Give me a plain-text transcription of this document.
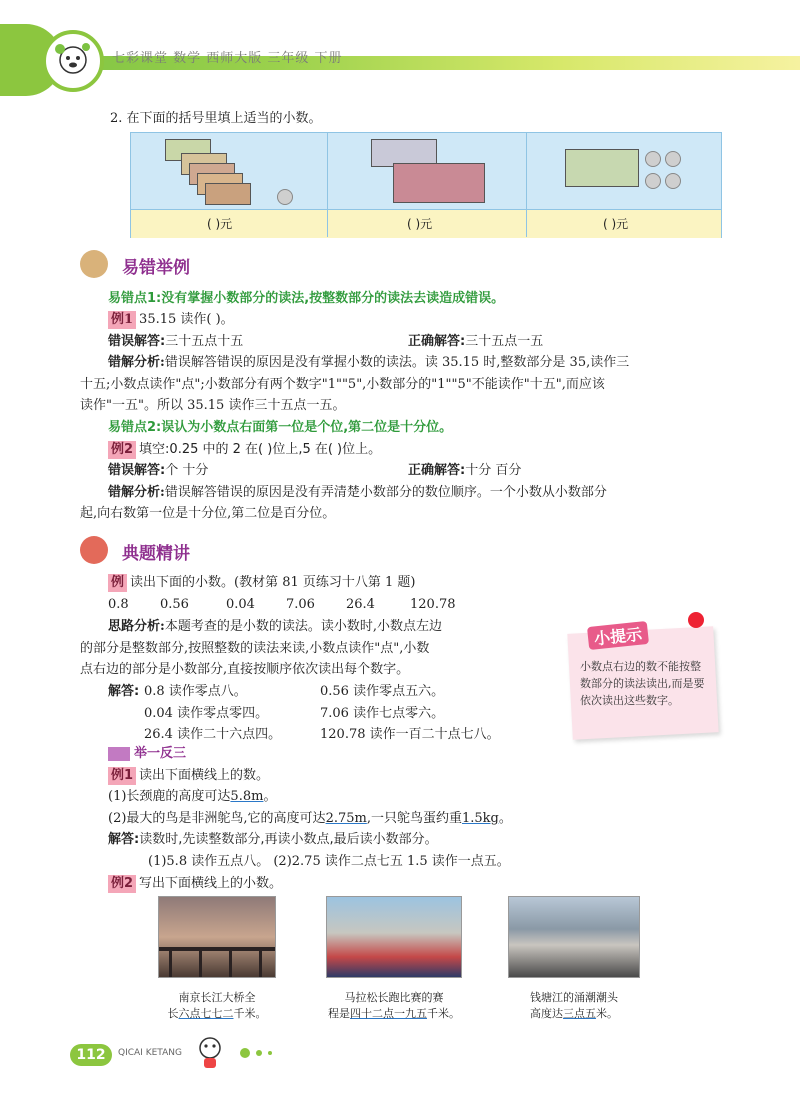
七彩课堂 数学 西师大版 三年级 下册
2. 在下面的括号里填上适当的小数。
( )元	( )元	( )元
易错举例
易错点1:没有掌握小数部分的读法,按整数部分的读法去读造成错误。
例1 35.15 读作( )。
错误解答:三十五点十五	正确解答:三十五点一五
错解分析:错误解答错误的原因是没有掌握小数的读法。读 35.15 时,整数部分是 35,读作三
十五;小数点读作"点";小数部分有两个数字"1""5",小数部分的"1""5"不能读作"十五",而应该
读作"一五"。所以 35.15 读作三十五点一五。
易错点2:误认为小数点右面第一位是个位,第二位是十分位。
例2 填空:0.25 中的 2 在( )位上,5 在( )位上。
错误解答:个 十分	正确解答:十分 百分
错解分析:错误解答错误的原因是没有弄清楚小数部分的数位顺序。一个小数从小数部分
起,向右数第一位是十分位,第二位是百分位。
典题精讲
例 读出下面的小数。(教材第 81 页练习十八第 1 题)
0.8 0.56	0.04 7.06 26.4	120.78
思路分析:本题考查的是小数的读法。读小数时,小数点左边
的部分是整数部分,按照整数的读法来读,小数点读作"点",小数
点右边的部分是小数部分,直接按顺序依次读出每个数字。
解答: 0.8 读作零点八。	0.56 读作零点五六。
0.04 读作零点零四。	7.06 读作七点零六。
26.4 读作二十六点四。	120.78 读作一百二十点七八。
小提示
小数点右边的数不能按整数部分的读法读出,而是要依次读出这些数字。
举一反三
例1 读出下面横线上的数。
(1)长颈鹿的高度可达5.8m。
(2)最大的鸟是非洲鸵鸟,它的高度可达2.75m,一只鸵鸟蛋约重1.5kg。
解答:读数时,先读整数部分,再读小数点,最后读小数部分。
(1)5.8 读作五点八。 (2)2.75 读作二点七五 1.5 读作一点五。
例2 写出下面横线上的小数。
南京长江大桥全
长六点七七二千米。
马拉松长跑比赛的赛
程是四十二点一九五千米。
钱塘江的涌潮潮头
高度达三点五米。
112	QICAI KETANG
